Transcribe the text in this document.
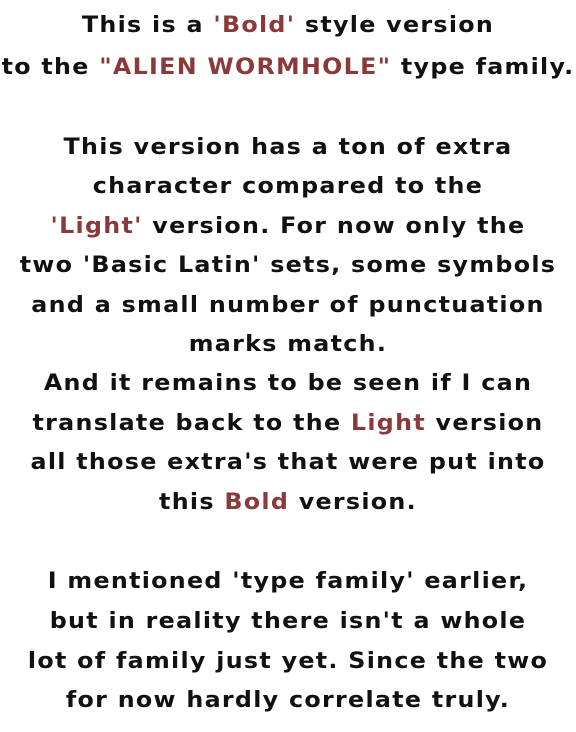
This is a 'Bold' style version
to the "ALIEN WORMHOLE" type family.
This version has a ton of extra
character compared to the
'Light' version. For now only the
two 'Basic Latin' sets, some symbols
and a small number of punctuation
marks match.
And it remains to be seen if I can
translate back to the Light version
all those extra's that were put into
this Bold version.
I mentioned 'type family' earlier,
but in reality there isn't a whole
lot of family just yet. Since the two
for now hardly correlate truly.
